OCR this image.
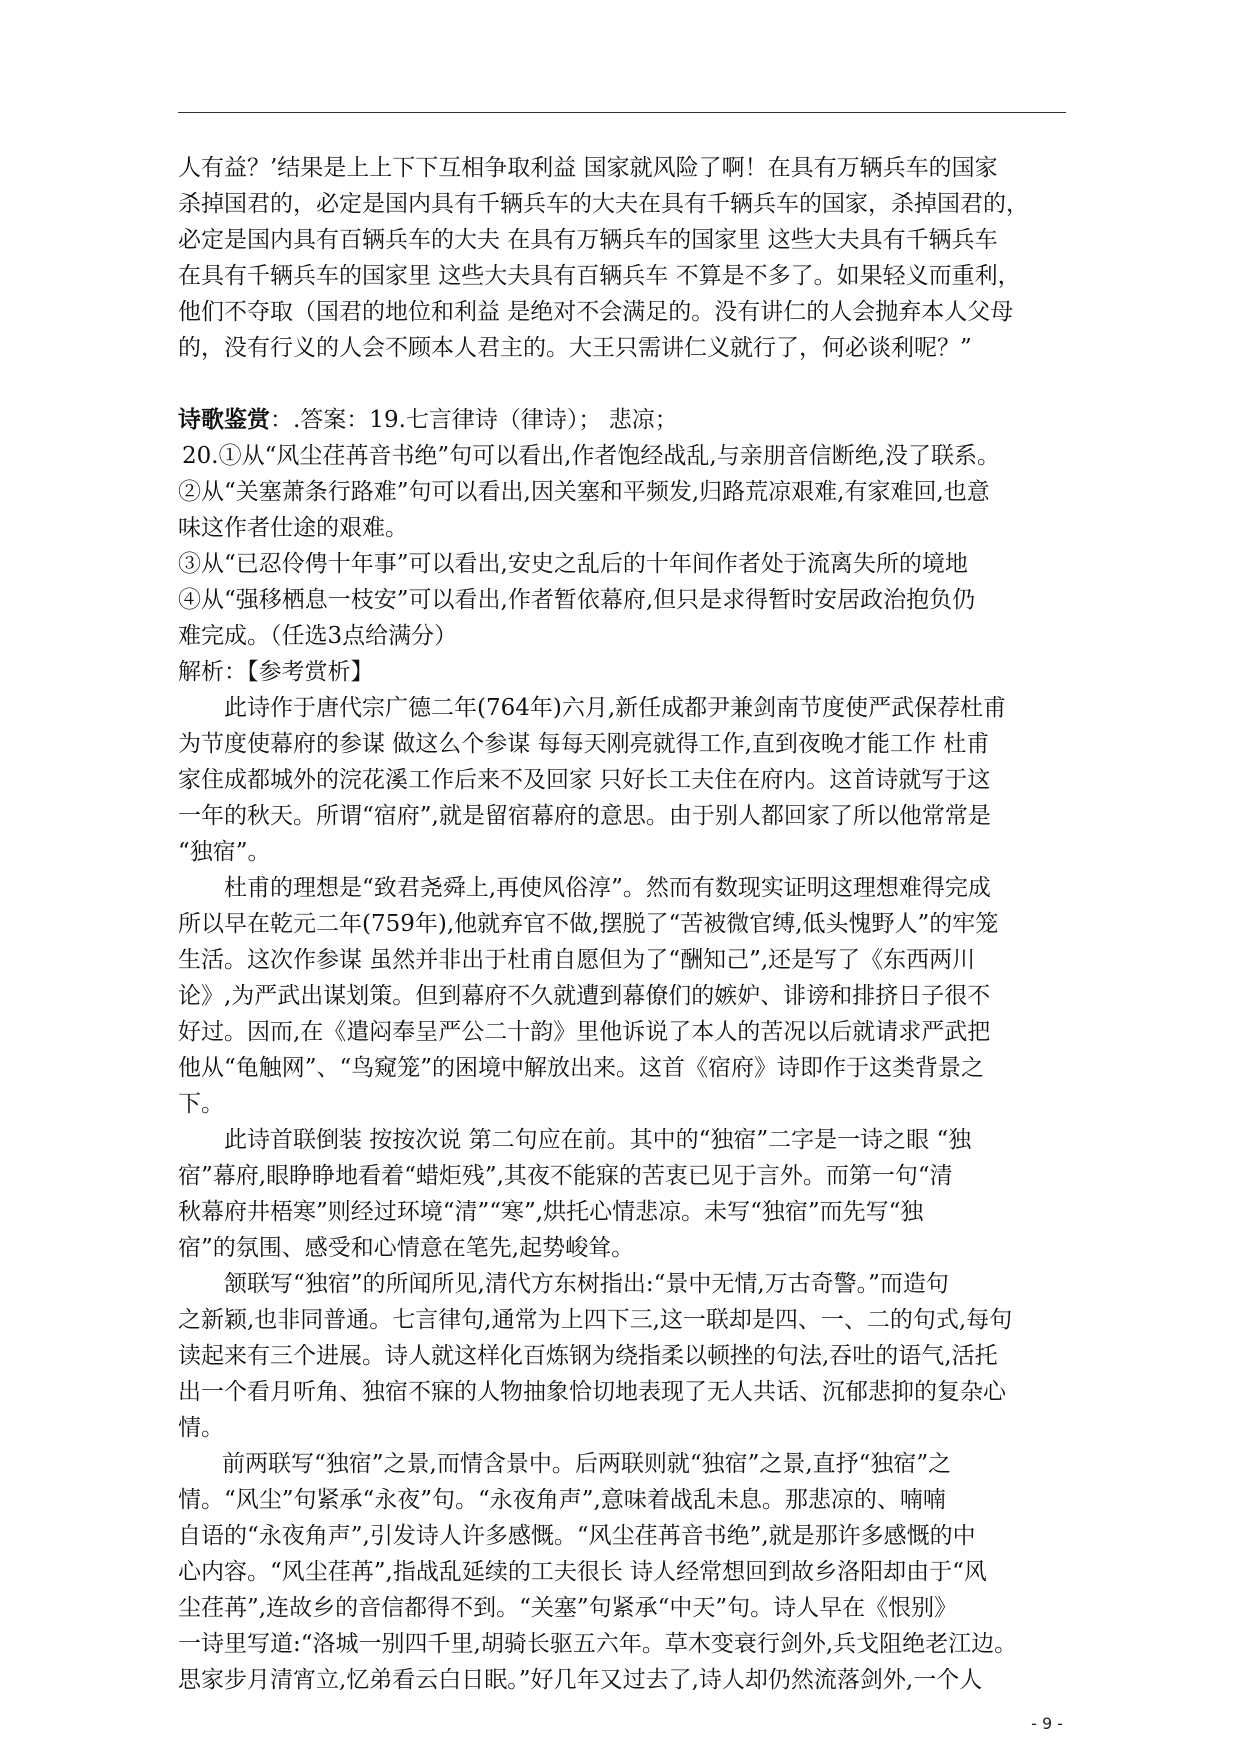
人有益？’结果是上上下下互相争取利益 国家就风险了啊！在具有万辆兵车的国家
杀掉国君的，必定是国内具有千辆兵车的大夫在具有千辆兵车的国家，杀掉国君的，
必定是国内具有百辆兵车的大夫 在具有万辆兵车的国家里 这些大夫具有千辆兵车
在具有千辆兵车的国家里 这些大夫具有百辆兵车 不算是不多了。如果轻义而重利，
他们不夺取（国君的地位和利益 是绝对不会满足的。没有讲仁的人会抛弃本人父母
的，没有行义的人会不顾本人君主的。大王只需讲仁义就行了，何必谈利呢？”
诗歌鉴赏：.答案：19.七言律诗（律诗）； 悲凉；
20.①从“风尘荏苒音书绝”句可以看出,作者饱经战乱,与亲朋音信断绝,没了联系。
②从“关塞萧条行路难”句可以看出,因关塞和平频发,归路荒凉艰难,有家难回,也意
味这作者仕途的艰难。
③从“已忍伶俜十年事”可以看出,安史之乱后的十年间作者处于流离失所的境地
④从“强移栖息一枝安”可以看出,作者暂依幕府,但只是求得暂时安居政治抱负仍
难完成。（任选3点给满分）
解析：【参考赏析】
此诗作于唐代宗广德二年(764年)六月,新任成都尹兼剑南节度使严武保荐杜甫
为节度使幕府的参谋 做这么个参谋 每每天刚亮就得工作,直到夜晚才能工作 杜甫
家住成都城外的浣花溪工作后来不及回家 只好长工夫住在府内。这首诗就写于这
一年的秋天。所谓“宿府”,就是留宿幕府的意思。由于别人都回家了所以他常常是
“独宿”。
杜甫的理想是“致君尧舜上,再使风俗淳”。然而有数现实证明这理想难得完成
所以早在乾元二年(759年),他就弃官不做,摆脱了“苦被微官缚,低头愧野人”的牢笼
生活。这次作参谋 虽然并非出于杜甫自愿但为了“酬知己”,还是写了《东西两川
论》,为严武出谋划策。但到幕府不久就遭到幕僚们的嫉妒、诽谤和排挤日子很不
好过。因而,在《遣闷奉呈严公二十韵》里他诉说了本人的苦况以后就请求严武把
他从“龟触网”、“鸟窥笼”的困境中解放出来。这首《宿府》诗即作于这类背景之
下。
此诗首联倒装 按按次说 第二句应在前。其中的“独宿”二字是一诗之眼 “独
宿”幕府,眼睁睁地看着“蜡炬残”,其夜不能寐的苦衷已见于言外。而第一句“清
秋幕府井梧寒”则经过环境“清”“寒”,烘托心情悲凉。未写“独宿”而先写“独
宿”的氛围、感受和心情意在笔先,起势峻耸。
颔联写“独宿”的所闻所见,清代方东树指出:“景中无情,万古奇警。”而造句
之新颖,也非同普通。七言律句,通常为上四下三,这一联却是四、一、二的句式,每句
读起来有三个进展。诗人就这样化百炼钢为绕指柔以顿挫的句法,吞吐的语气,活托
出一个看月听角、独宿不寐的人物抽象恰切地表现了无人共话、沉郁悲抑的复杂心
情。
前两联写“独宿”之景,而情含景中。后两联则就“独宿”之景,直抒“独宿”之
情。“风尘”句紧承“永夜”句。“永夜角声”,意味着战乱未息。那悲凉的、喃喃
自语的“永夜角声”,引发诗人许多感慨。“风尘荏苒音书绝”,就是那许多感慨的中
心内容。“风尘荏苒”,指战乱延续的工夫很长 诗人经常想回到故乡洛阳却由于“风
尘荏苒”,连故乡的音信都得不到。“关塞”句紧承“中天”句。诗人早在《恨别》
一诗里写道:“洛城一别四千里,胡骑长驱五六年。草木变衰行剑外,兵戈阻绝老江边。
思家步月清宵立,忆弟看云白日眠。”好几年又过去了,诗人却仍然流落剑外,一个人
- 9 -
